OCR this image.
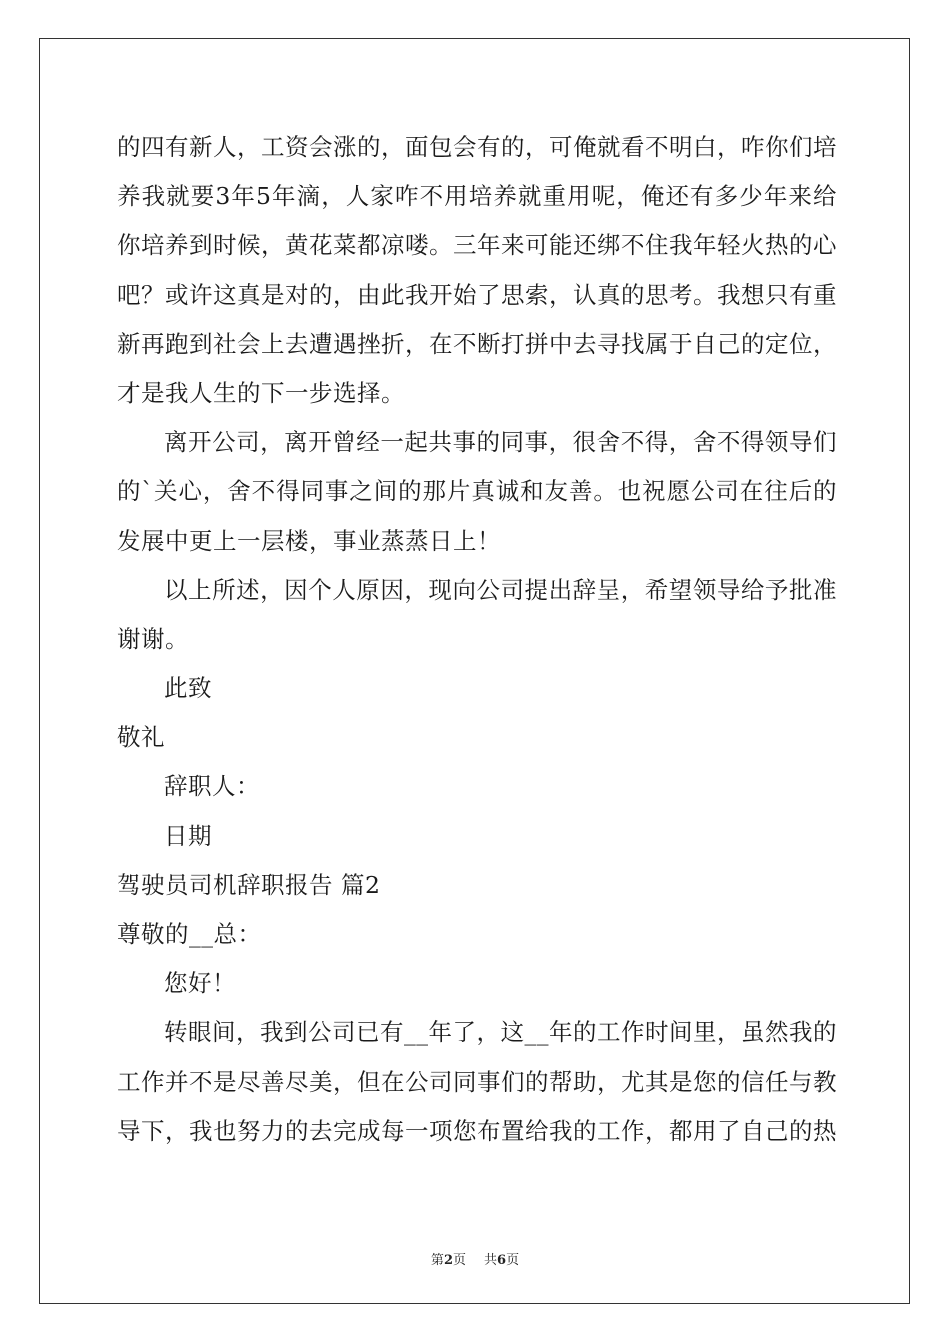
的四有新人，工资会涨的，面包会有的，可俺就看不明白，咋你们培
养我就要3年5年滴，人家咋不用培养就重用呢，俺还有多少年来给
你培养到时候，黄花菜都凉喽。三年来可能还绑不住我年轻火热的心
吧？或许这真是对的，由此我开始了思索，认真的思考。我想只有重
新再跑到社会上去遭遇挫折，在不断打拼中去寻找属于自己的定位，
才是我人生的下一步选择。
离开公司，离开曾经一起共事的同事，很舍不得，舍不得领导们
的`关心，舍不得同事之间的那片真诚和友善。也祝愿公司在往后的
发展中更上一层楼，事业蒸蒸日上！
以上所述，因个人原因，现向公司提出辞呈，希望领导给予批准
谢谢。
此致
敬礼
辞职人：
日期
驾驶员司机辞职报告 篇2
尊敬的__总：
您好！
转眼间，我到公司已有__年了，这__年的工作时间里，虽然我的
工作并不是尽善尽美，但在公司同事们的帮助，尤其是您的信任与教
导下，我也努力的去完成每一项您布置给我的工作，都用了自己的热
第2页 共6页
